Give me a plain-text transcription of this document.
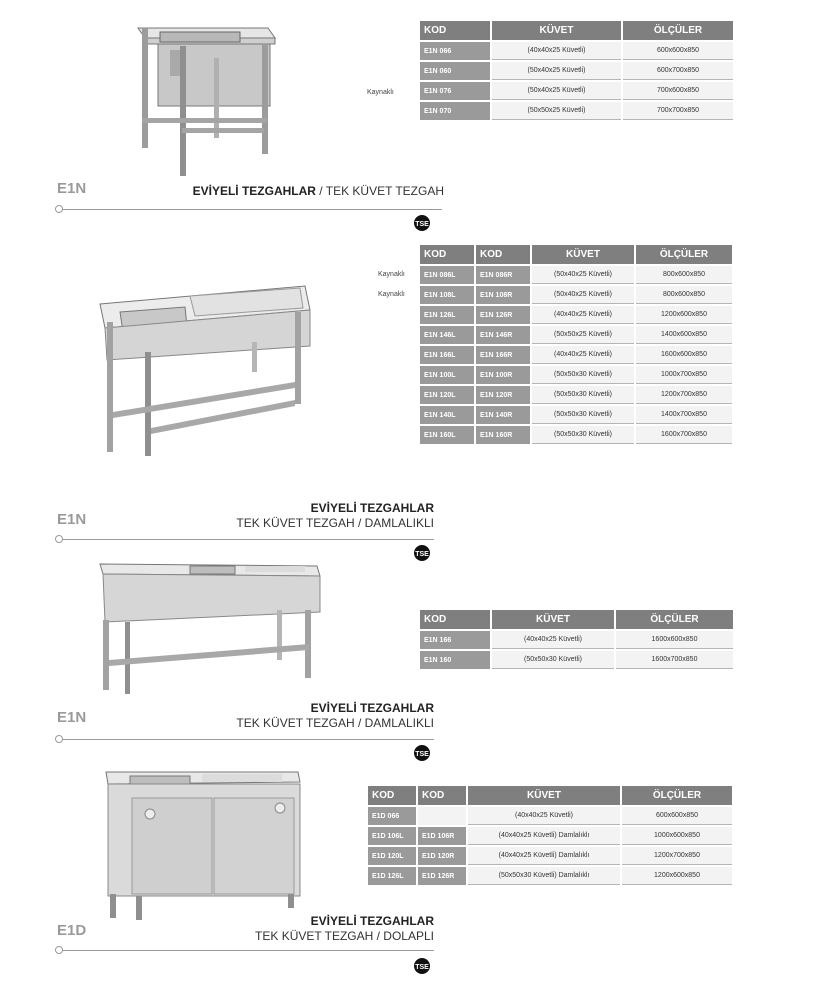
Kaynaklı
KOD	KÜVET	ÖLÇÜLER
E1N 066	(40x40x25 Küvetli)	600x600x850
E1N 060	(50x40x25 Küvetli)	600x700x850
E1N 076	(50x40x25 Küvetli)	700x600x850
E1N 070	(50x50x25 Küvetli)	700x700x850
E1N	EVİYELİ TEZGAHLAR / TEK KÜVET TEZGAH
TSE
Kaynaklı
Kaynaklı
KOD	KOD	KÜVET	ÖLÇÜLER
E1N 086L	E1N 086R	(50x40x25 Küvetli)	800x600x850
E1N 108L	E1N 108R	(50x40x25 Küvetli)	800x600x850
E1N 126L	E1N 126R	(40x40x25 Küvetli)	1200x600x850
E1N 146L	E1N 146R	(50x50x25 Küvetli)	1400x600x850
E1N 166L	E1N 166R	(40x40x25 Küvetli)	1600x600x850
E1N 100L	E1N 100R	(50x50x30 Küvetli)	1000x700x850
E1N 120L	E1N 120R	(50x50x30 Küvetli)	1200x700x850
E1N 140L	E1N 140R	(50x50x30 Küvetli)	1400x700x850
E1N 160L	E1N 160R	(50x50x30 Küvetli)	1600x700x850
E1N
EVİYELİ TEZGAHLAR
TEK KÜVET TEZGAH / DAMLALIKLI
TSE
KOD	KÜVET	ÖLÇÜLER
E1N 166	(40x40x25 Küvetli)	1600x600x850
E1N 160	(50x50x30 Küvetli)	1600x700x850
E1N
EVİYELİ TEZGAHLAR
TEK KÜVET TEZGAH / DAMLALIKLI
TSE
KOD	KOD	KÜVET	ÖLÇÜLER
E1D 066		(40x40x25 Küvetli)	600x600x850
E1D 106L	E1D 106R	(40x40x25 Küvetli) Damlalıklı	1000x600x850
E1D 120L	E1D 120R	(40x40x25 Küvetli) Damlalıklı	1200x700x850
E1D 126L	E1D 126R	(50x50x30 Küvetli) Damlalıklı	1200x600x850
E1D
EVİYELİ TEZGAHLAR
TEK KÜVET TEZGAH / DOLAPLI
TSE
